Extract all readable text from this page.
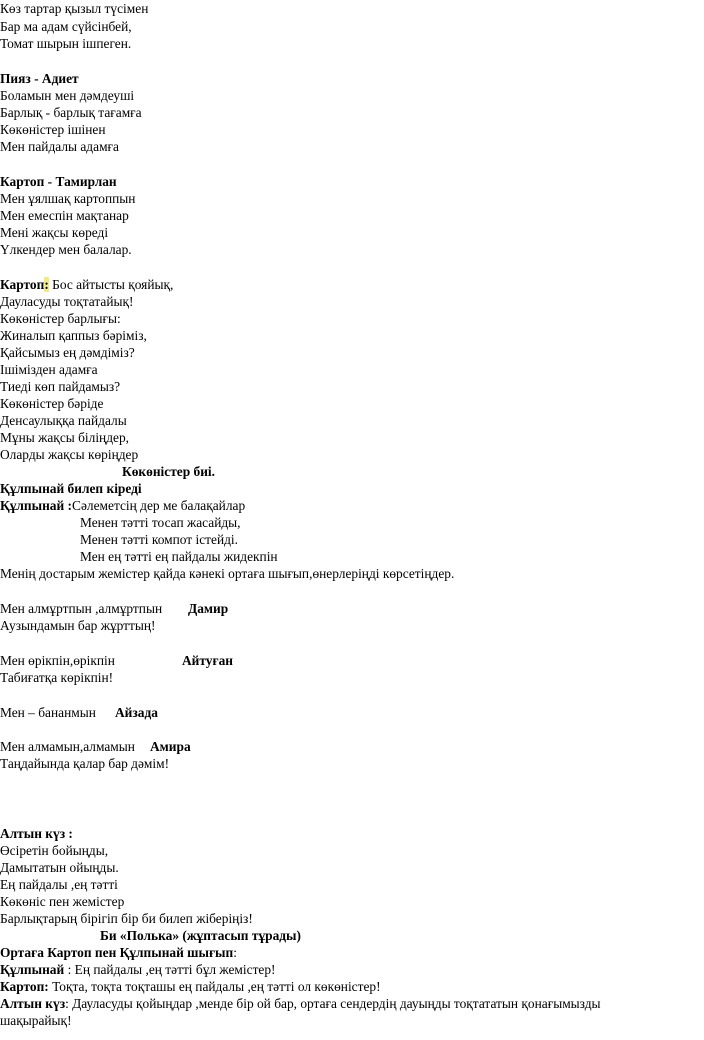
Көз тартар қызыл түсімен
Бар ма адам сүйсінбей,
Томат шырын ішпеген.
Пияз - Адиет
Боламын мен дәмдеуші
Барлық - барлық тағамға
Көкөністер ішінен
Мен пайдалы адамға
Картоп - Тамирлан
Мен ұялшақ картоппын
Мен емеспін мақтанар
Мені жақсы көреді
Үлкендер мен балалар.
Картоп: Бос айтысты қояйық,
Дауласуды тоқтатайық!
Көкөністер барлығы:
Жиналып қаппыз бәріміз,
Қайсымыз ең дәмдіміз?
Ішімізден адамға
Тиеді көп пайдамыз?
Көкөністер бәріде
Денсаулыққа пайдалы
Мұны жақсы біліңдер,
Оларды жақсы көріңдер
Көкөністер биі.
Құлпынай билеп кіреді
Құлпынай :Сәлеметсің дер ме балақайлар
Менен тәтті тосап жасайды,
Менен тәтті компот істейді.
Мен ең тәтті ең пайдалы жидекпін
Менің достарым жемістер қайда кәнекі ортаға шығып,өнерлеріңді көрсетіңдер.
Мен алмұртпын ,алмұртпын Дамир
Аузындамын бар жұрттың!
Мен өрікпін,өрікпін	Айтуған
Табиғатқа көрікпін!
Мен – бананмын Айзада
Мен алмамын,алмамын Амира
Таңдайында қалар бар дәмім!
Алтын күз :
Өсіретін бойыңды,
Дамытатын ойыңды.
Ең пайдалы ,ең тәтті
Көкөніс пен жемістер
Барлықтарың бірігіп бір би билеп жіберіңіз!
Би «Полька» (жұптасып тұрады)
Ортаға Картоп пен Құлпынай шығып:
Құлпынай : Ең пайдалы ,ең тәтті бұл жемістер!
Картоп: Тоқта, тоқта тоқташы ең пайдалы ,ең тәтті ол көкөністер!
Алтын күз: Дауласуды қойыңдар ,менде бір ой бар, ортаға сендердің дауыңды тоқтататын қонағымызды
шақырайық!
